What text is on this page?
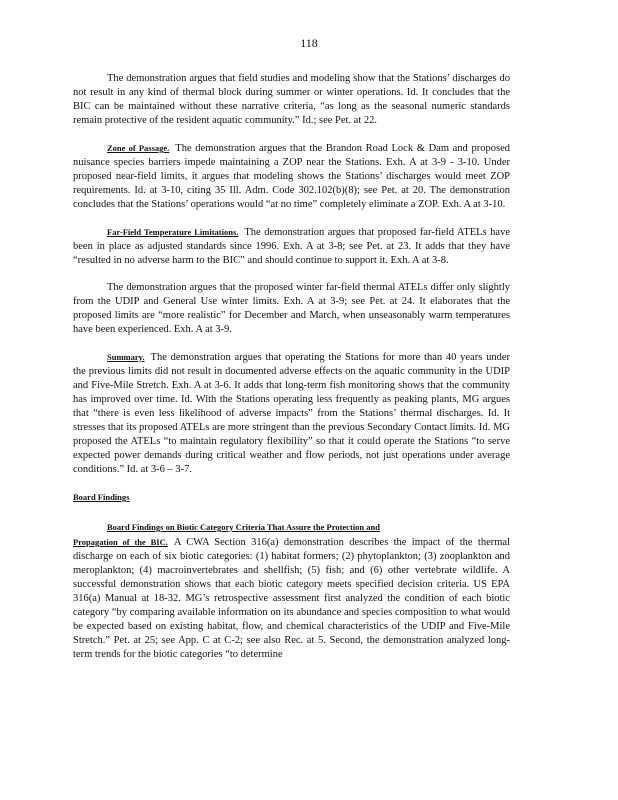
118

The demonstration argues that field studies and modeling show that the Stations’ discharges do not result in any kind of thermal block during summer or winter operations. Id. It concludes that the BIC can be maintained without these narrative criteria, “as long as the seasonal numeric standards remain protective of the resident aquatic community.” Id.; see Pet. at 22.

Zone of Passage. The demonstration argues that the Brandon Road Lock & Dam and proposed nuisance species barriers impede maintaining a ZOP near the Stations. Exh. A at 3-9 - 3-10. Under proposed near-field limits, it argues that modeling shows the Stations’ discharges would meet ZOP requirements. Id. at 3-10, citing 35 Ill. Adm. Code 302.102(b)(8); see Pet. at 20. The demonstration concludes that the Stations’ operations would “at no time” completely eliminate a ZOP. Exh. A at 3-10.

Far-Field Temperature Limitations. The demonstration argues that proposed far-field ATELs have been in place as adjusted standards since 1996. Exh. A at 3-8; see Pet. at 23. It adds that they have “resulted in no adverse harm to the BIC” and should continue to support it. Exh. A at 3-8.

The demonstration argues that the proposed winter far-field thermal ATELs differ only slightly from the UDIP and General Use winter limits. Exh. A at 3-9; see Pet. at 24. It elaborates that the proposed limits are “more realistic” for December and March, when unseasonably warm temperatures have been experienced. Exh. A at 3-9.

Summary. The demonstration argues that operating the Stations for more than 40 years under the previous limits did not result in documented adverse effects on the aquatic community in the UDIP and Five-Mile Stretch. Exh. A at 3-6. It adds that long-term fish monitoring shows that the community has improved over time. Id. With the Stations operating less frequently as peaking plants, MG argues that “there is even less likelihood of adverse impacts” from the Stations’ thermal discharges. Id. It stresses that its proposed ATELs are more stringent than the previous Secondary Contact limits. Id. MG proposed the ATELs “to maintain regulatory flexibility” so that it could operate the Stations “to serve expected power demands during critical weather and flow periods, not just operations under average conditions.” Id. at 3-6 – 3-7.

Board Findings

Board Findings on Biotic Category Criteria That Assure the Protection and
Propagation of the BIC. A CWA Section 316(a) demonstration describes the impact of the thermal discharge on each of six biotic categories: (1) habitat formers; (2) phytoplankton; (3) zooplankton and meroplankton; (4) macroinvertebrates and shellfish; (5) fish; and (6) other vertebrate wildlife. A successful demonstration shows that each biotic category meets specified decision criteria. US EPA 316(a) Manual at 18-32. MG’s retrospective assessment first analyzed the condition of each biotic category “by comparing available information on its abundance and species composition to what would be expected based on existing habitat, flow, and chemical characteristics of the UDIP and Five-Mile Stretch.” Pet. at 25; see App. C at C-2; see also Rec. at 5. Second, the demonstration analyzed long-term trends for the biotic categories “to determine
